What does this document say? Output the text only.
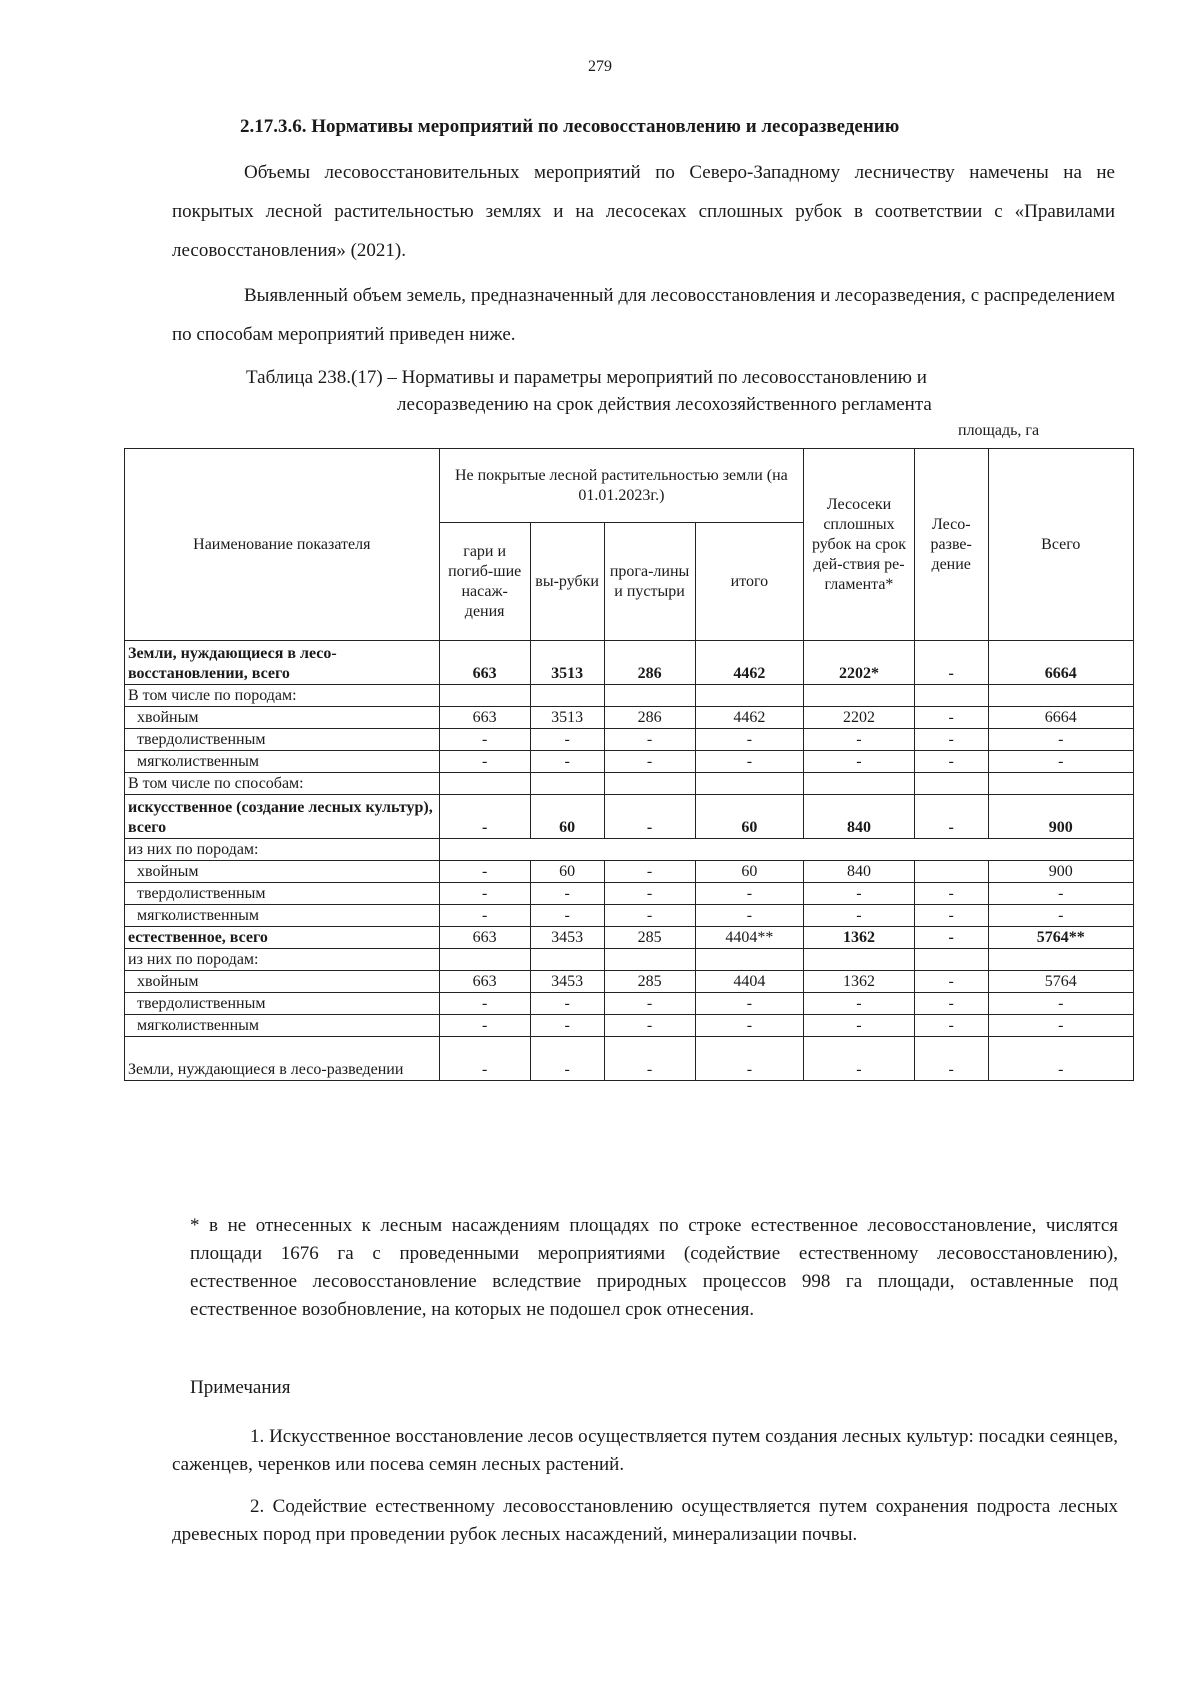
279
2.17.3.6. Нормативы мероприятий по лесовосстановлению и лесоразведению

Объемы лесовосстановительных мероприятий по Северо-Западному лесничеству намечены на не покрытых лесной растительностью землях и на лесосеках сплошных рубок в соответствии с «Правилами лесовосстановления» (2021).

Выявленный объем земель, предназначенный для лесовосстановления и лесоразведения, с распределением по способам мероприятий приведен ниже.

Таблица 238.(17) – Нормативы и параметры мероприятий по лесовосстановлению и
лесоразведению на срок действия лесохозяйственного регламента
площадь, га
Наименование показателя	Не покрытые лесной растительностью земли (на 01.01.2023г.)				Лесосеки сплошных рубок на срок дей-ствия ре-гламента*	Лесо-разве-дение	Всего
	гари и погиб-шие насаж-дения	вы-рубки	прога-лины и пустыри	итого			
Земли, нуждающиеся в лесо-восстановлении, всего	663	3513	286	4462	2202*	-	6664
В том числе по породам:							
хвойным	663	3513	286	4462	2202	-	6664
твердолиственным	-	-	-	-	-	-	-
мягколиственным	-	-	-	-	-	-	-
В том числе по способам:							
искусственное (создание лесных культур), всего	-	60	-	60	840	-	900
из них по породам:							
хвойным	-	60	-	60	840		900
твердолиственным	-	-	-	-	-	-	-
мягколиственным	-	-	-	-	-	-	-
естественное, всего	663	3453	285	4404**	1362	-	5764**
из них по породам:							
хвойным	663	3453	285	4404	1362	-	5764
твердолиственным	-	-	-	-	-	-	-
мягколиственным	-	-	-	-	-	-	-
Земли, нуждающиеся в лесо-разведении	-	-	-	-	-	-	-

* в не отнесенных к лесным насаждениям площадях по строке естественное лесовосстановление, числятся площади 1676 га с проведенными мероприятиями (содействие естественному лесовосстановлению), естественное лесовосстановление вследствие природных процессов 998 га площади, оставленные под естественное возобновление, на которых не подошел срок отнесения.

Примечания

1. Искусственное восстановление лесов осуществляется путем создания лесных культур: посадки сеянцев, саженцев, черенков или посева семян лесных растений.

2. Содействие естественному лесовосстановлению осуществляется путем сохранения подроста лесных древесных пород при проведении рубок лесных насаждений, минерализации почвы.
